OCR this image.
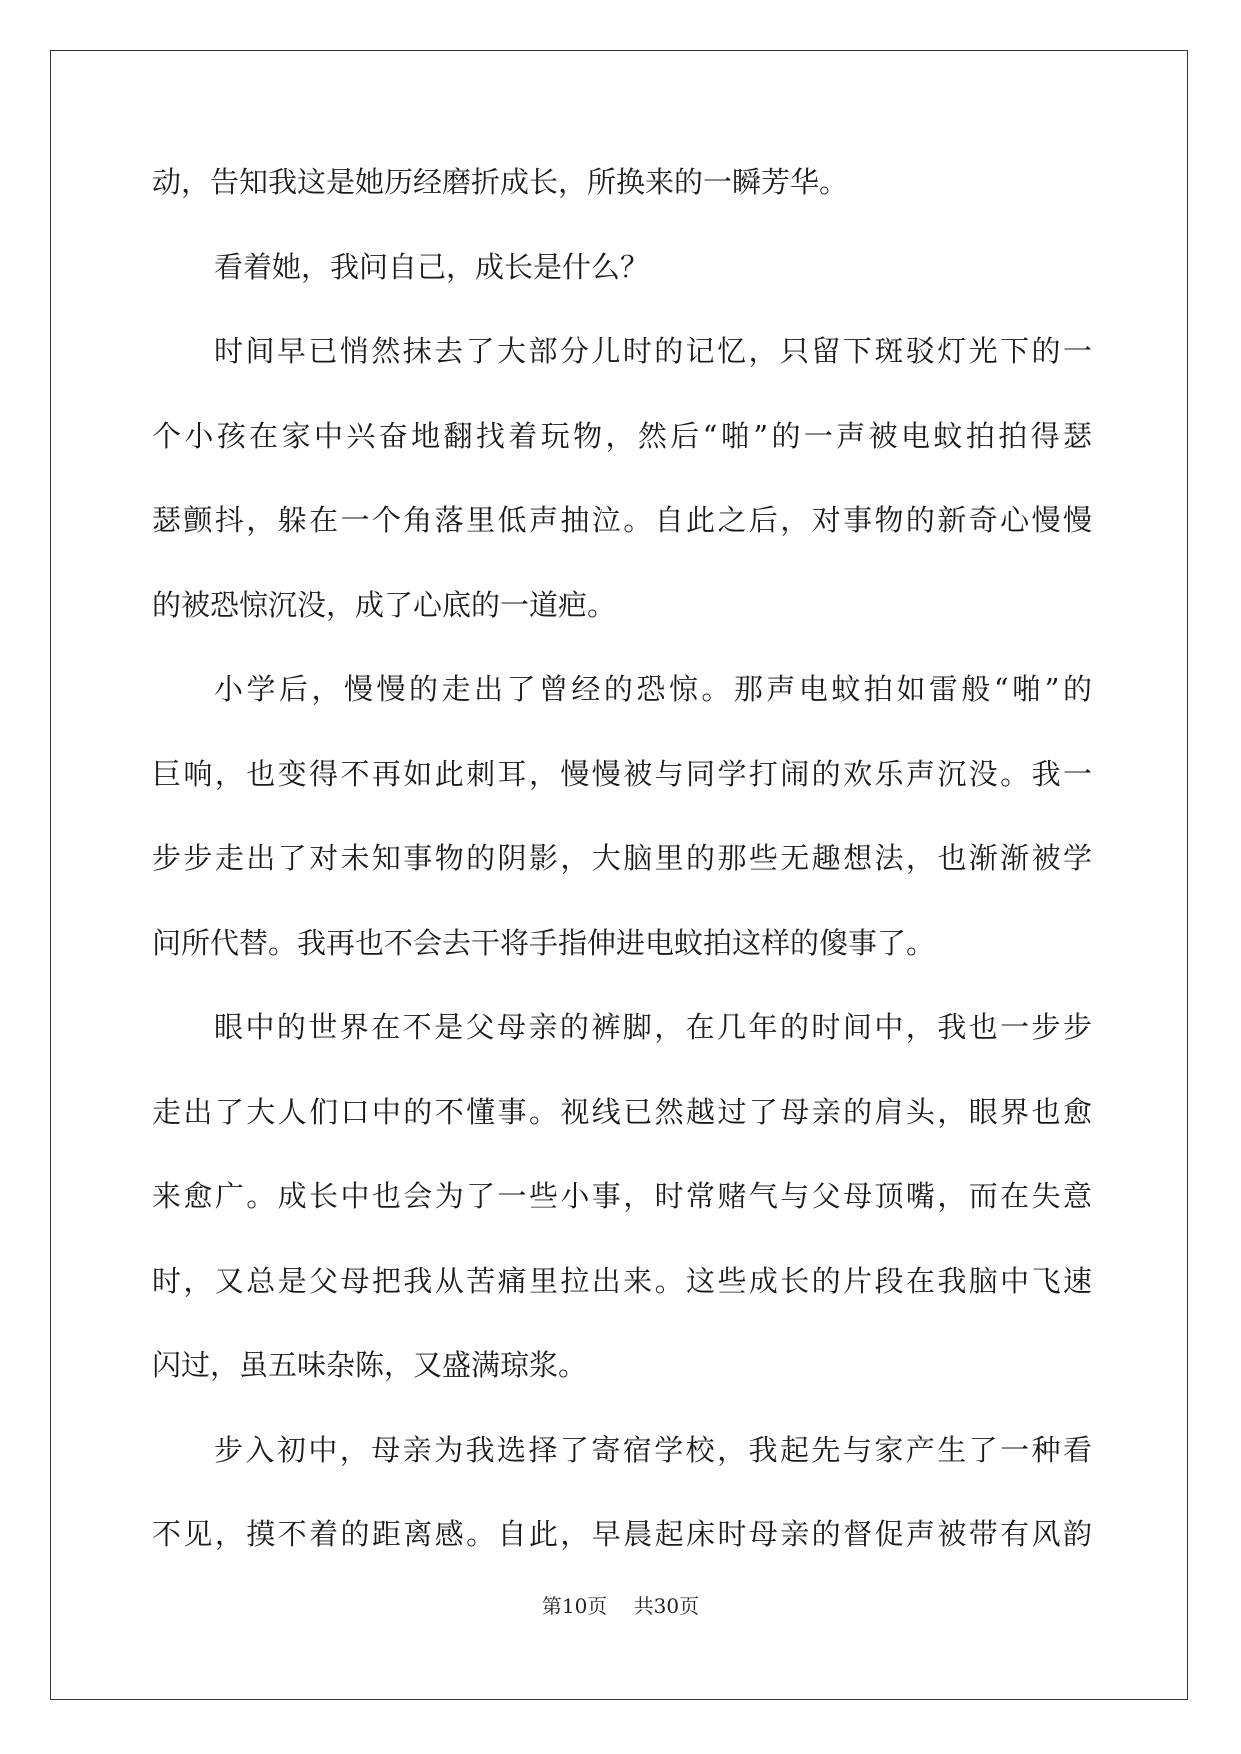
动，告知我这是她历经磨折成长，所换来的一瞬芳华。
看着她，我问自己，成长是什么？
时间早已悄然抹去了大部分儿时的记忆，只留下斑驳灯光下的一
个小孩在家中兴奋地翻找着玩物，然后“啪”的一声被电蚊拍拍得瑟
瑟颤抖，躲在一个角落里低声抽泣。自此之后，对事物的新奇心慢慢
的被恐惊沉没，成了心底的一道疤。
小学后，慢慢的走出了曾经的恐惊。那声电蚊拍如雷般“啪”的
巨响，也变得不再如此刺耳，慢慢被与同学打闹的欢乐声沉没。我一
步步走出了对未知事物的阴影，大脑里的那些无趣想法，也渐渐被学
问所代替。我再也不会去干将手指伸进电蚊拍这样的傻事了。
眼中的世界在不是父母亲的裤脚，在几年的时间中，我也一步步
走出了大人们口中的不懂事。视线已然越过了母亲的肩头，眼界也愈
来愈广。成长中也会为了一些小事，时常赌气与父母顶嘴，而在失意
时，又总是父母把我从苦痛里拉出来。这些成长的片段在我脑中飞速
闪过，虽五味杂陈，又盛满琼浆。
步入初中，母亲为我选择了寄宿学校，我起先与家产生了一种看
不见，摸不着的距离感。自此，早晨起床时母亲的督促声被带有风韵
第10页 共30页
